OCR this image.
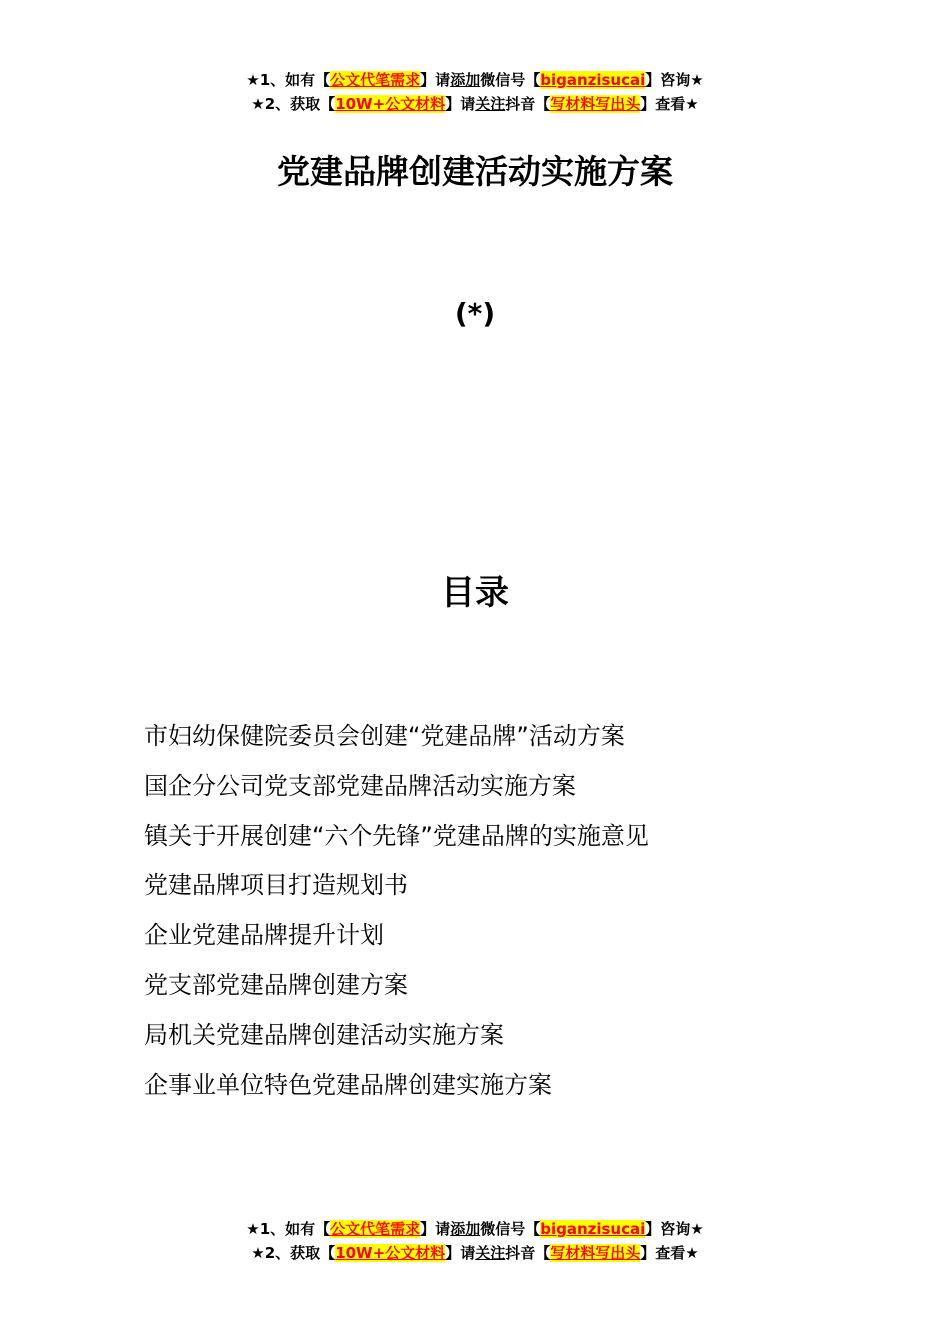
★1、如有【公文代笔需求】请添加微信号【biganzisucai】咨询★
★2、获取【10W+公文材料】请关注抖音【写材料写出头】查看★
党建品牌创建活动实施方案
(*)
目录
市妇幼保健院委员会创建“党建品牌”活动方案
国企分公司党支部党建品牌活动实施方案
镇关于开展创建“六个先锋”党建品牌的实施意见
党建品牌项目打造规划书
企业党建品牌提升计划
党支部党建品牌创建方案
局机关党建品牌创建活动实施方案
企事业单位特色党建品牌创建实施方案
★1、如有【公文代笔需求】请添加微信号【biganzisucai】咨询★
★2、获取【10W+公文材料】请关注抖音【写材料写出头】查看★
